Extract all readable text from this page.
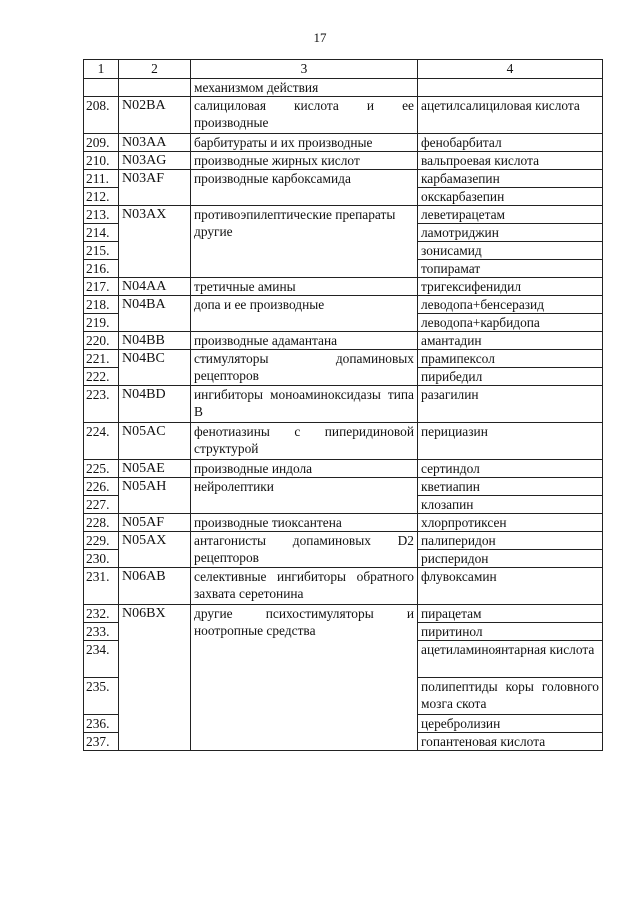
17
1	2	3	4
		механизмом действия	
208.	N02BA	салициловая кислота и ее производные	ацетилсалициловая кислота
209.	N03AA	барбитураты и их производные	фенобарбитал
210.	N03AG	производные жирных кислот	вальпроевая кислота
211.	N03AF	производные карбоксамида	карбамазепин
212.			окскарбазепин
213.	N03AX	противоэпилептические препараты другие	леветирацетам
214.			ламотриджин
215.			зонисамид
216.			топирамат
217.	N04AA	третичные амины	тригексифенидил
218.	N04BA	допа и ее производные	леводопа+бенсеразид
219.			леводопа+карбидопа
220.	N04BB	производные адамантана	амантадин
221.	N04BC	стимуляторы допаминовых рецепторов	прамипексол
222.			пирибедил
223.	N04BD	ингибиторы моноаминоксидазы типа В	разагилин
224.	N05AC	фенотиазины с пиперидиновой структурой	перициазин
225.	N05AE	производные индола	сертиндол
226.	N05AH	нейролептики	кветиапин
227.			клозапин
228.	N05AF	производные тиоксантена	хлорпротиксен
229.	N05AX	антагонисты допаминовых D2 рецепторов	палиперидон
230.			рисперидон
231.	N06AB	селективные ингибиторы обратного захвата серетонина	флувоксамин
232.	N06BX	другие психостимуляторы и ноотропные средства	пирацетам
233.			пиритинол
234.			ацетиламиноянтарная кислота
235.			полипептиды коры головного мозга скота
236.			церебролизин
237.			гопантеновая кислота
